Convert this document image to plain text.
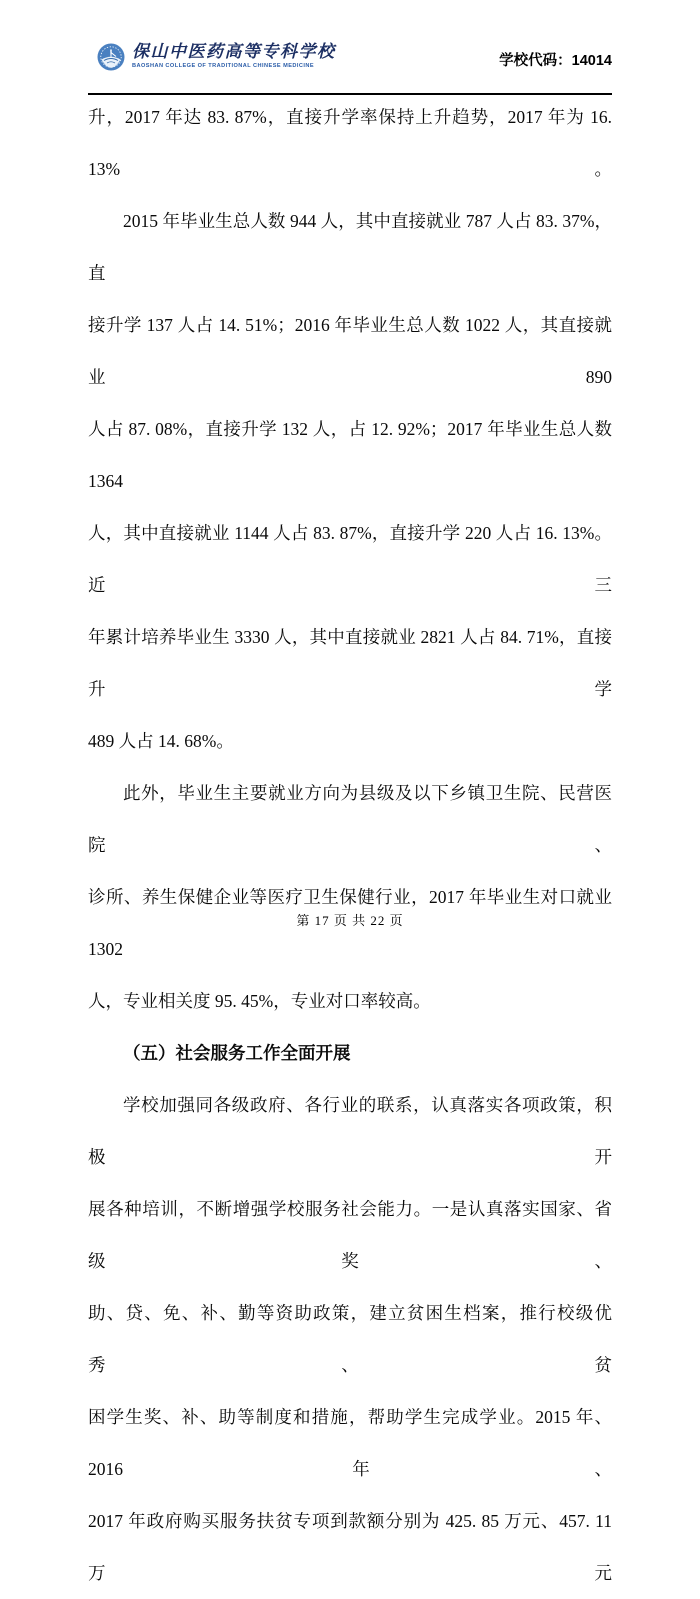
保山中医药高等专科学校
BAOSHAN COLLEGE OF TRADITIONAL CHINESE MEDICINE	学校代码：14014

升，2017 年达 83. 87%，直接升学率保持上升趋势，2017 年为 16. 13%。

2015 年毕业生总人数 944 人，其中直接就业 787 人占 83. 37%，直

接升学 137 人占 14. 51%；2016 年毕业生总人数 1022 人，其直接就业 890

人占 87. 08%，直接升学 132 人，占 12. 92%；2017 年毕业生总人数 1364

人，其中直接就业 1144 人占 83. 87%，直接升学 220 人占 16. 13%。近三

年累计培养毕业生 3330 人，其中直接就业 2821 人占 84. 71%，直接升学

489 人占 14. 68%。

此外，毕业生主要就业方向为县级及以下乡镇卫生院、民营医院、

诊所、养生保健企业等医疗卫生保健行业，2017 年毕业生对口就业 1302

人，专业相关度 95. 45%，专业对口率较高。

（五）社会服务工作全面开展

学校加强同各级政府、各行业的联系，认真落实各项政策，积极开

展各种培训，不断增强学校服务社会能力。一是认真落实国家、省级奖、

助、贷、免、补、勤等资助政策，建立贫困生档案，推行校级优秀、贫

困学生奖、补、助等制度和措施，帮助学生完成学业。2015 年、2016 年、

2017 年政府购买服务扶贫专项到款额分别为 425. 85 万元、457. 11 万元

第 17 页 共 22 页
